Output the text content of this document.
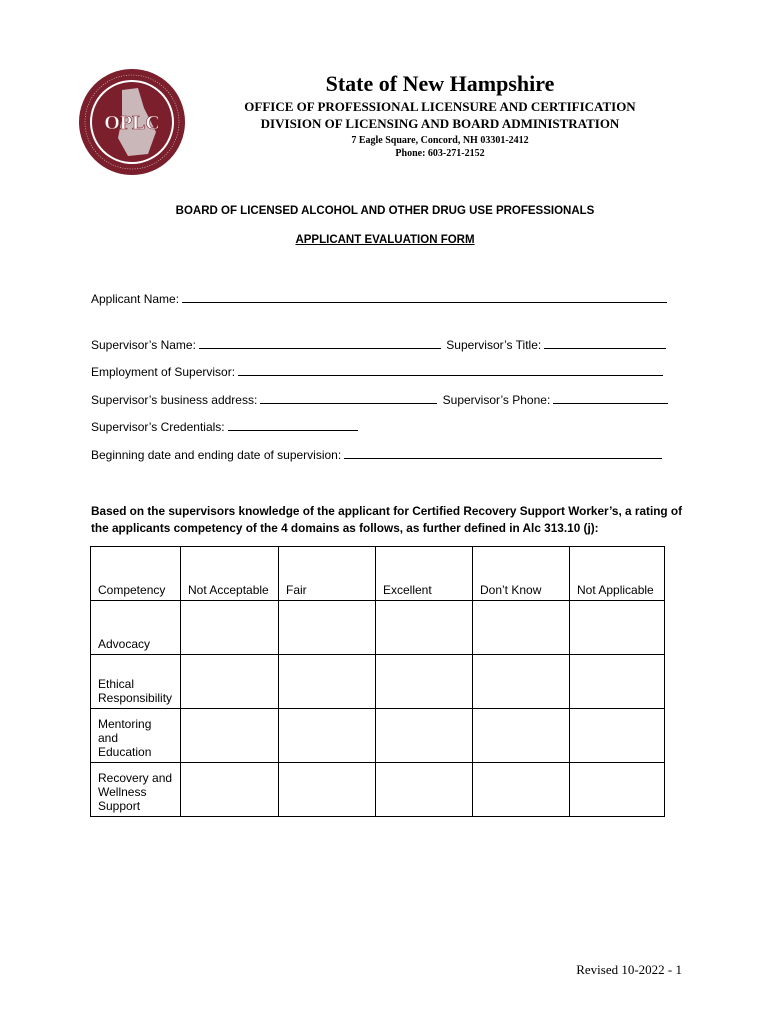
OPLC
State of New Hampshire
OFFICE OF PROFESSIONAL LICENSURE AND CERTIFICATION
DIVISION OF LICENSING AND BOARD ADMINISTRATION
7 Eagle Square, Concord, NH 03301-2412
Phone: 603-271-2152
BOARD OF LICENSED ALCOHOL AND OTHER DRUG USE PROFESSIONALS
APPLICANT EVALUATION FORM
Applicant Name:
Supervisor’s Name:	Supervisor’s Title:
Employment of Supervisor:
Supervisor’s business address:	Supervisor’s Phone:
Supervisor’s Credentials:
Beginning date and ending date of supervision:
Based on the supervisors knowledge of the applicant for Certified Recovery Support Worker’s, a rating of the applicants competency of the 4 domains as follows, as further defined in Alc 313.10 (j):
Competency	Not Acceptable	Fair	Excellent	Don’t Know	Not Applicable
Advocacy					
Ethical Responsibility					
Mentoring and Education					
Recovery and Wellness Support					
Revised 10-2022 - 1
